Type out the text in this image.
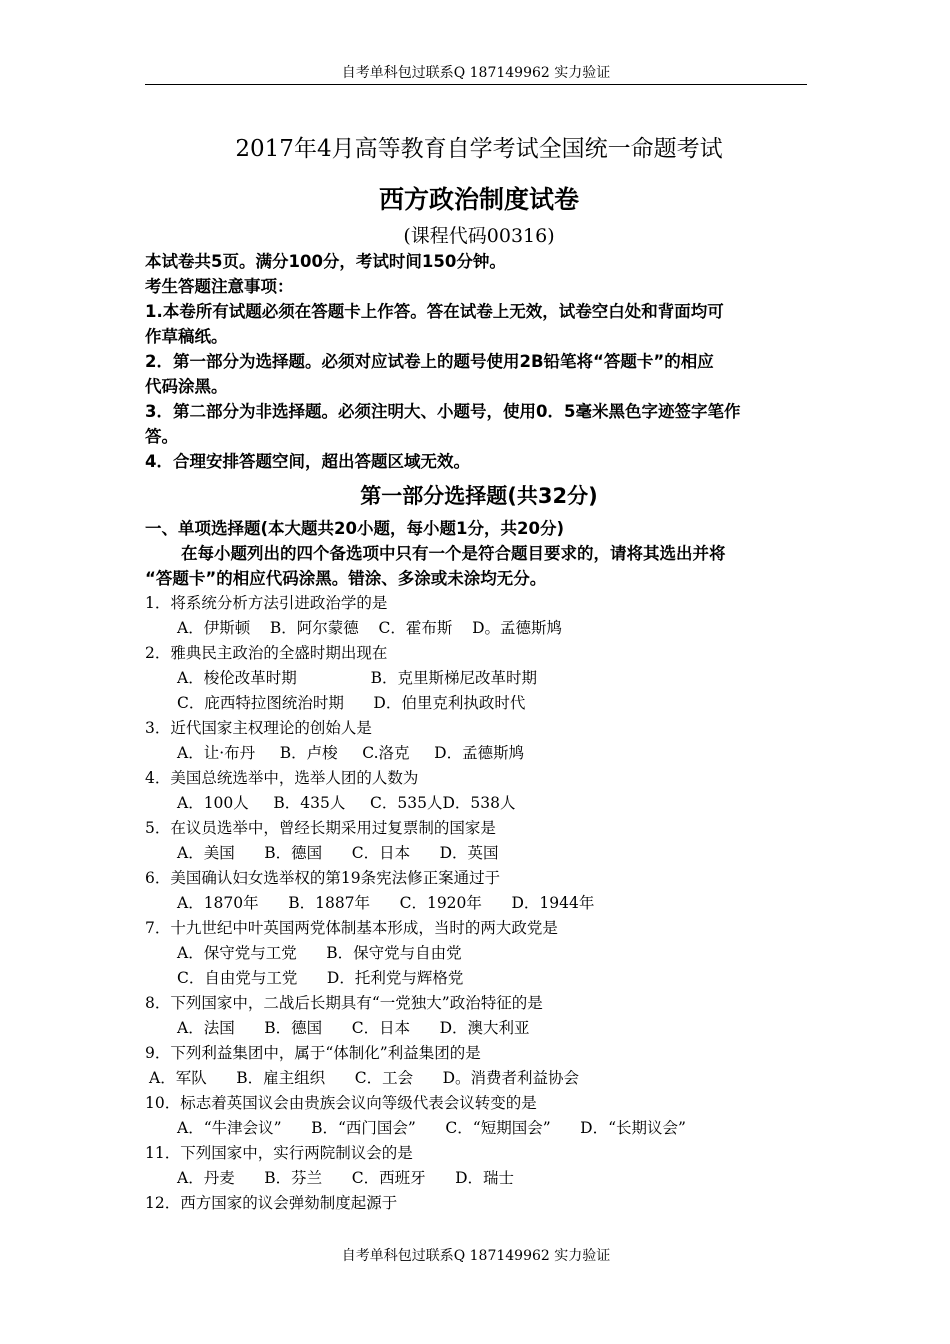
自考单科包过联系Q 187149962 实力验证
2017年4月高等教育自学考试全国统一命题考试
西方政治制度试卷
(课程代码00316)
本试卷共5页。满分100分，考试时间150分钟。
考生答题注意事项：
1.本卷所有试题必须在答题卡上作答。答在试卷上无效，试卷空白处和背面均可
作草稿纸。
2．第一部分为选择题。必须对应试卷上的题号使用2B铅笔将“答题卡”的相应
代码涂黑。
3．第二部分为非选择题。必须注明大、小题号，使用0．5毫米黑色字迹签字笔作
答。
4．合理安排答题空间，超出答题区域无效。
第一部分选择题(共32分)
一、单项选择题(本大题共20小题，每小题1分，共20分)
在每小题列出的四个备选项中只有一个是符合题目要求的，请将其选出并将
“答题卡”的相应代码涂黑。错涂、多涂或未涂均无分。
1．将系统分析方法引进政治学的是
A．伊斯顿    B．阿尔蒙德    C．霍布斯    D。孟德斯鸠
2．雅典民主政治的全盛时期出现在
A．梭伦改革时期               B．克里斯梯尼改革时期
C．庇西特拉图统治时期      D．伯里克利执政时代
3．近代国家主权理论的创始人是
A．让·布丹     B．卢梭     C.洛克     D．孟德斯鸠
4．美国总统选举中，选举人团的人数为
A．100人     B．435人     C．535人D．538人
5．在议员选举中，曾经长期采用过复票制的国家是
A．美国      B．德国      C．日本      D．英国
6．美国确认妇女选举权的第19条宪法修正案通过于
A．1870年      B．1887年      C．1920年      D．1944年
7．十九世纪中叶英国两党体制基本形成，当时的两大政党是
A．保守党与工党      B．保守党与自由党
C．自由党与工党      D．托利党与辉格党
8．下列国家中，二战后长期具有“一党独大”政治特征的是
A．法国      B．德国      C．日本      D．澳大利亚
9．下列利益集团中，属于“体制化”利益集团的是
A．军队      B．雇主组织      C．工会      D。消费者利益协会
10．标志着英国议会由贵族会议向等级代表会议转变的是
A．“牛津会议”      B．“西门国会”      C．“短期国会”      D．“长期议会”
11．下列国家中，实行两院制议会的是
A．丹麦      B．芬兰      C．西班牙      D．瑞士
12．西方国家的议会弹劾制度起源于
自考单科包过联系Q 187149962 实力验证
